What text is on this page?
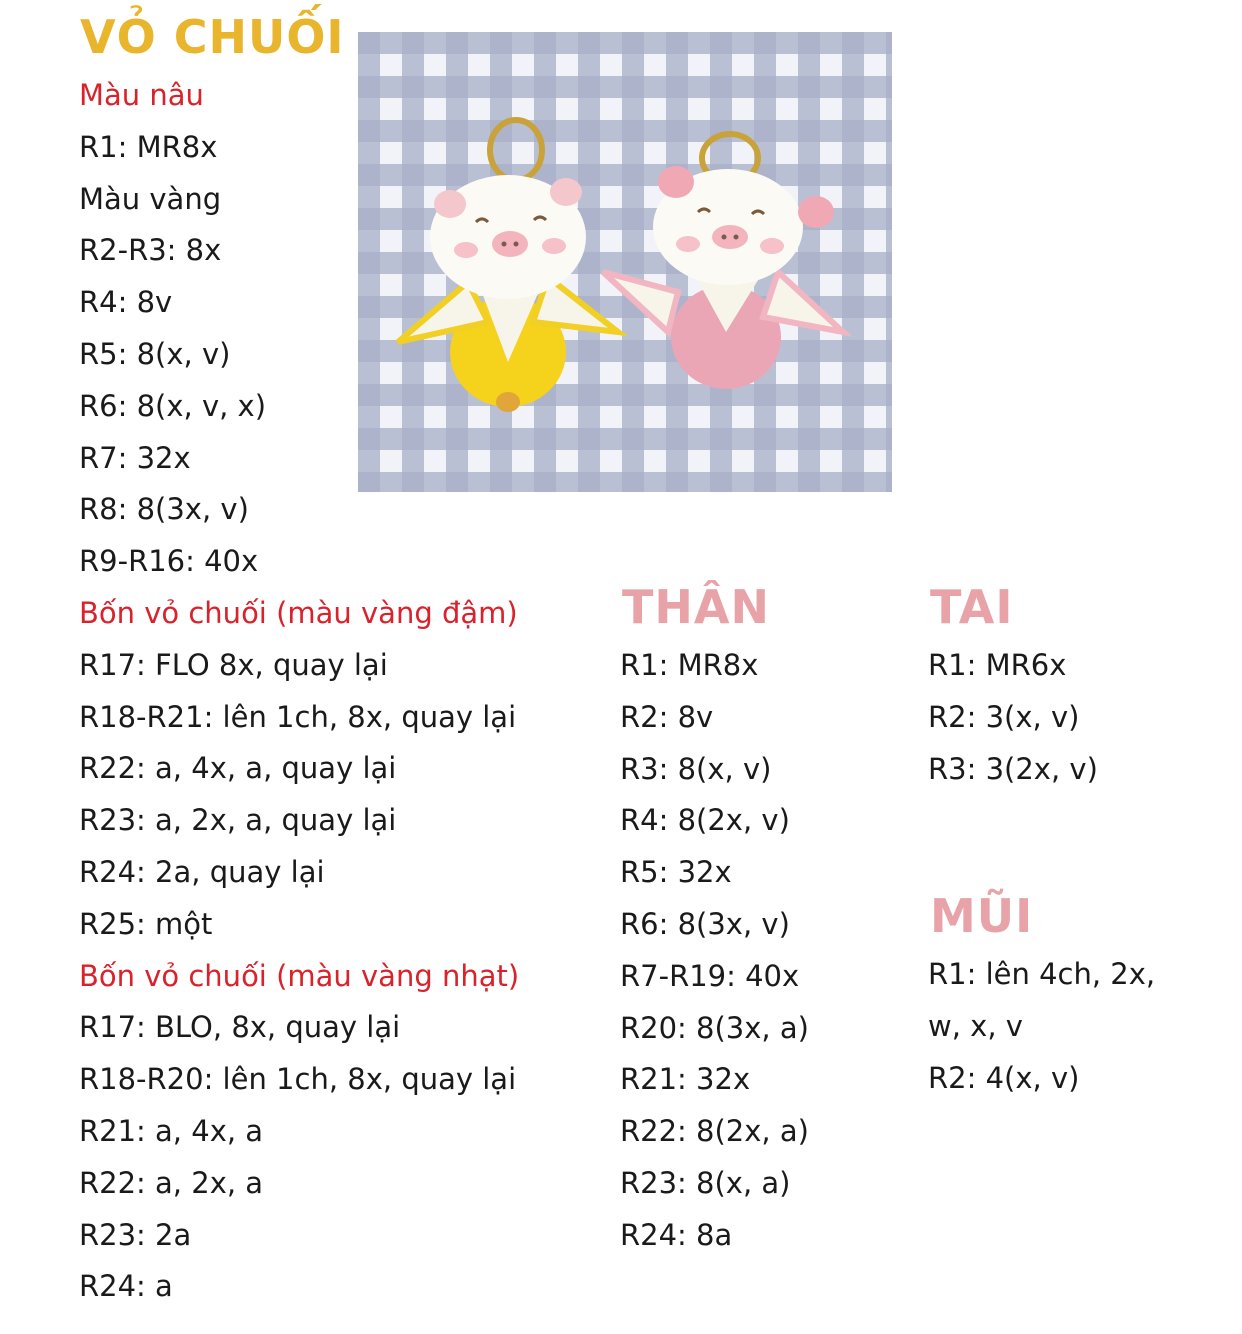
VỎ CHUỐI
Màu nâu
R1: MR8x
Màu vàng
R2-R3: 8x
R4: 8v
R5: 8(x, v)
R6: 8(x, v, x)
R7: 32x
R8: 8(3x, v)
R9-R16: 40x
Bốn vỏ chuối (màu vàng đậm)
R17: FLO 8x, quay lại
R18-R21: lên 1ch, 8x, quay lại
R22: a, 4x, a, quay lại
R23: a, 2x, a, quay lại
R24: 2a, quay lại
R25: một
Bốn vỏ chuối (màu vàng nhạt)
R17: BLO, 8x, quay lại
R18-R20: lên 1ch, 8x, quay lại
R21: a, 4x, a
R22: a, 2x, a
R23: 2a
R24: a
THÂN
R1: MR8x
R2: 8v
R3: 8(x, v)
R4: 8(2x, v)
R5: 32x
R6: 8(3x, v)
R7-R19: 40x
R20: 8(3x, a)
R21: 32x
R22: 8(2x, a)
R23: 8(x, a)
R24: 8a
TAI
R1: MR6x
R2: 3(x, v)
R3: 3(2x, v)
MŨI
R1: lên 4ch, 2x,
w, x, v
R2: 4(x, v)
